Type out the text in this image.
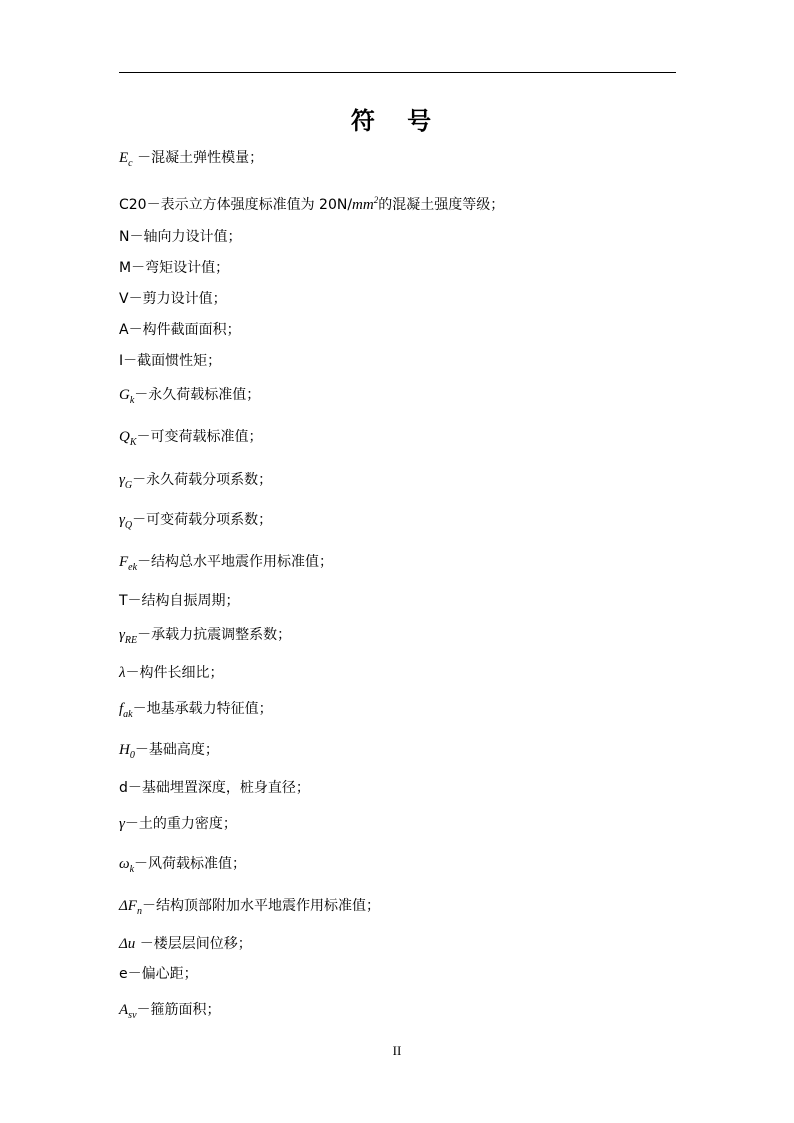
符 号
$E_c$ －混凝土弹性模量；
C20－表示立方体强度标准值为 $20N/mm^2$的混凝土强度等级；
N－轴向力设计值；
M－弯矩设计值；
V－剪力设计值；
A－构件截面面积；
I－截面惯性矩；
$G_k-$永久荷载标准值；
$Q_K-$可变荷载标准值；
$\gamma_G-$永久荷载分项系数；
$\gamma_Q-$可变荷载分项系数；
$F_{ek}-$结构总水平地震作用标准值；
T－结构自振周期；
$\gamma_{RE}-$承载力抗震调整系数；
λ－构件长细比；
$f_{ak}-$地基承载力特征值；
$H_0-$基础高度；
d－基础埋置深度，桩身直径；
γ－土的重力密度；
$\omega_k-$风荷载标准值；
$\Delta F_n-$结构顶部附加水平地震作用标准值；
Δu －楼层层间位移；
e－偏心距；
$A_{sv}-$箍筋面积；
II
